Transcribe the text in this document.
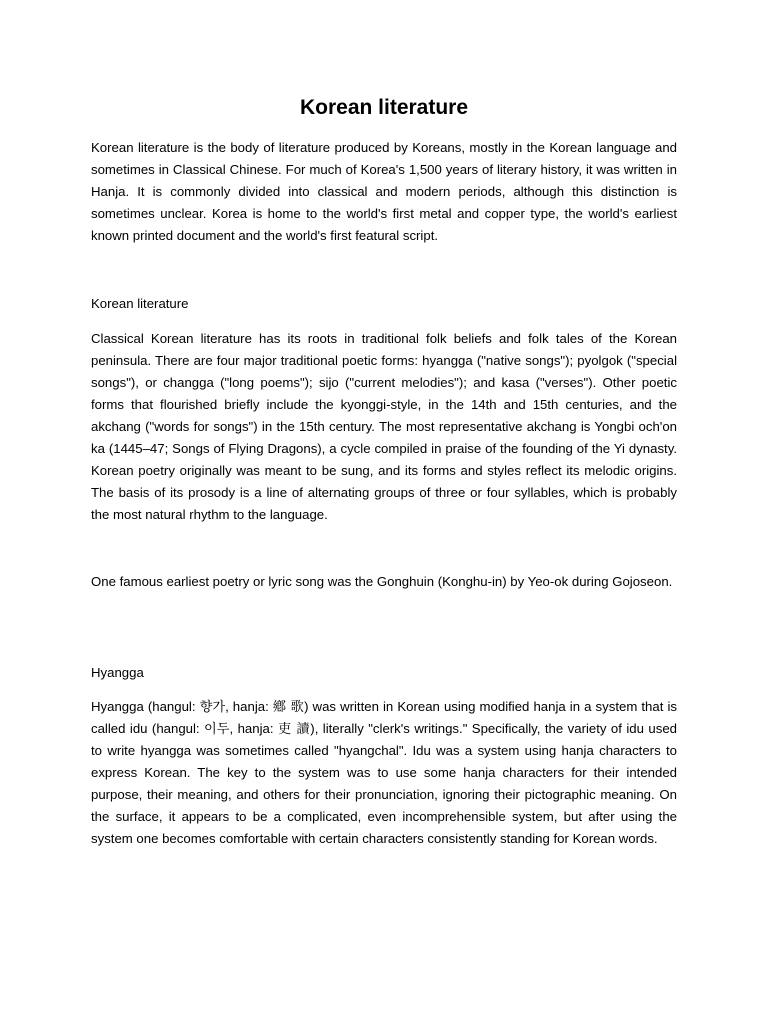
Korean literature

Korean literature is the body of literature produced by Koreans, mostly in the Korean language and sometimes in Classical Chinese. For much of Korea's 1,500 years of literary history, it was written in Hanja. It is commonly divided into classical and modern periods, although this distinction is sometimes unclear. Korea is home to the world's first metal and copper type, the world's earliest known printed document and the world's first featural script.

Korean literature

Classical Korean literature has its roots in traditional folk beliefs and folk tales of the Korean peninsula. There are four major traditional poetic forms: hyangga ("native songs"); pyolgok ("special songs"), or changga ("long poems"); sijo ("current melodies"); and kasa ("verses"). Other poetic forms that flourished briefly include the kyonggi-style, in the 14th and 15th centuries, and the akchang ("words for songs") in the 15th century. The most representative akchang is Yongbi och'on ka (1445–47; Songs of Flying Dragons), a cycle compiled in praise of the founding of the Yi dynasty. Korean poetry originally was meant to be sung, and its forms and styles reflect its melodic origins. The basis of its prosody is a line of alternating groups of three or four syllables, which is probably the most natural rhythm to the language.

One famous earliest poetry or lyric song was the Gonghuin (Konghu-in) by Yeo-ok during Gojoseon.

Hyangga

Hyangga (hangul: 향가, hanja: 鄕 歌) was written in Korean using modified hanja in a system that is called idu (hangul: 이두, hanja: 吏 讀), literally "clerk's writings." Specifically, the variety of idu used to write hyangga was sometimes called "hyangchal". Idu was a system using hanja characters to express Korean. The key to the system was to use some hanja characters for their intended purpose, their meaning, and others for their pronunciation, ignoring their pictographic meaning. On the surface, it appears to be a complicated, even incomprehensible system, but after using the system one becomes comfortable with certain characters consistently standing for Korean words.
